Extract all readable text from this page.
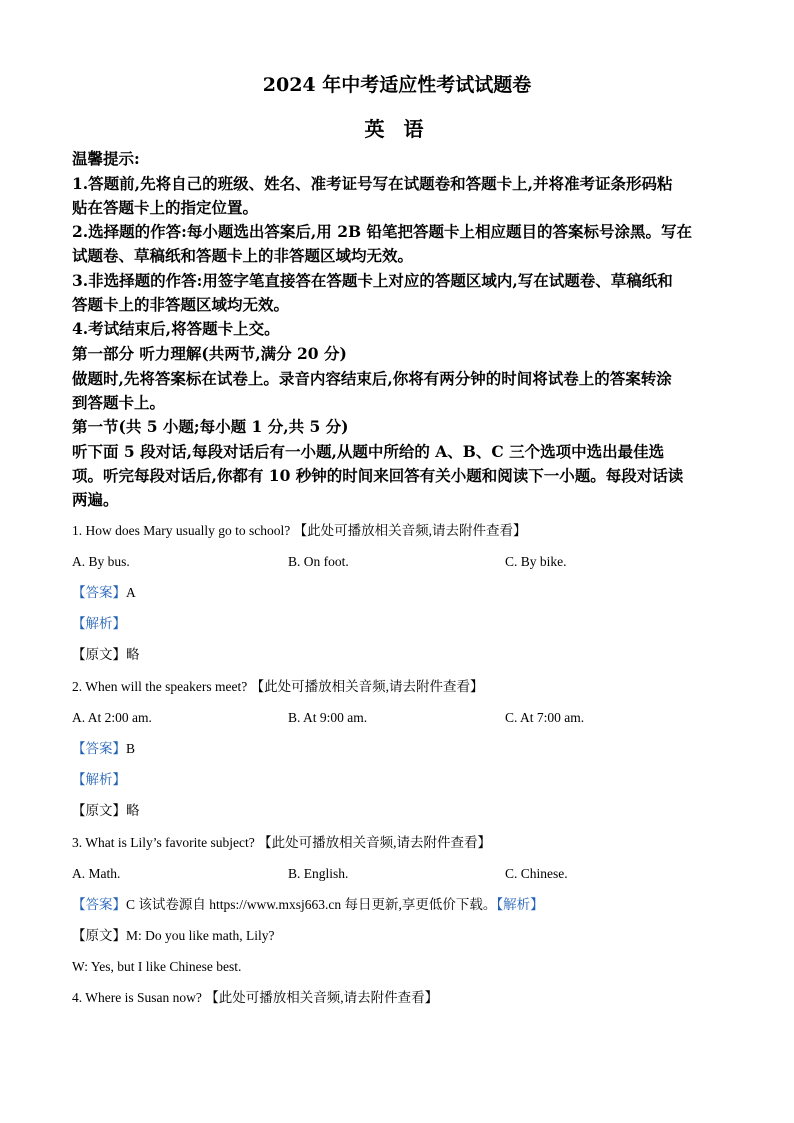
2024 年中考适应性考试试题卷
英 语
温馨提示:
1.答题前,先将自己的班级、姓名、准考证号写在试题卷和答题卡上,并将准考证条形码粘
贴在答题卡上的指定位置。
2.选择题的作答:每小题选出答案后,用 2B 铅笔把答题卡上相应题目的答案标号涂黑。写在
试题卷、草稿纸和答题卡上的非答题区域均无效。
3.非选择题的作答:用签字笔直接答在答题卡上对应的答题区域内,写在试题卷、草稿纸和
答题卡上的非答题区域均无效。
4.考试结束后,将答题卡上交。
第一部分 听力理解(共两节,满分 20 分)
做题时,先将答案标在试卷上。录音内容结束后,你将有两分钟的时间将试卷上的答案转涂
到答题卡上。
第一节(共 5 小题;每小题 1 分,共 5 分)
听下面 5 段对话,每段对话后有一小题,从题中所给的 A、B、C 三个选项中选出最佳选
项。听完每段对话后,你都有 10 秒钟的时间来回答有关小题和阅读下一小题。每段对话读
两遍。
1. How does Mary usually go to school? 【此处可播放相关音频,请去附件查看】
A. By bus.	B. On foot.	C. By bike.
【答案】A
【解析】
【原文】略
2. When will the speakers meet? 【此处可播放相关音频,请去附件查看】
A. At 2:00 am.	B. At 9:00 am.	C. At 7:00 am.
【答案】B
【解析】
【原文】略
3. What is Lily’s favorite subject? 【此处可播放相关音频,请去附件查看】
A. Math.	B. English.	C. Chinese.
【答案】C 该试卷源自 https://www.mxsj663.cn 每日更新,享更低价下载。【解析】
【原文】M: Do you like math, Lily?
W: Yes, but I like Chinese best.
4. Where is Susan now? 【此处可播放相关音频,请去附件查看】
